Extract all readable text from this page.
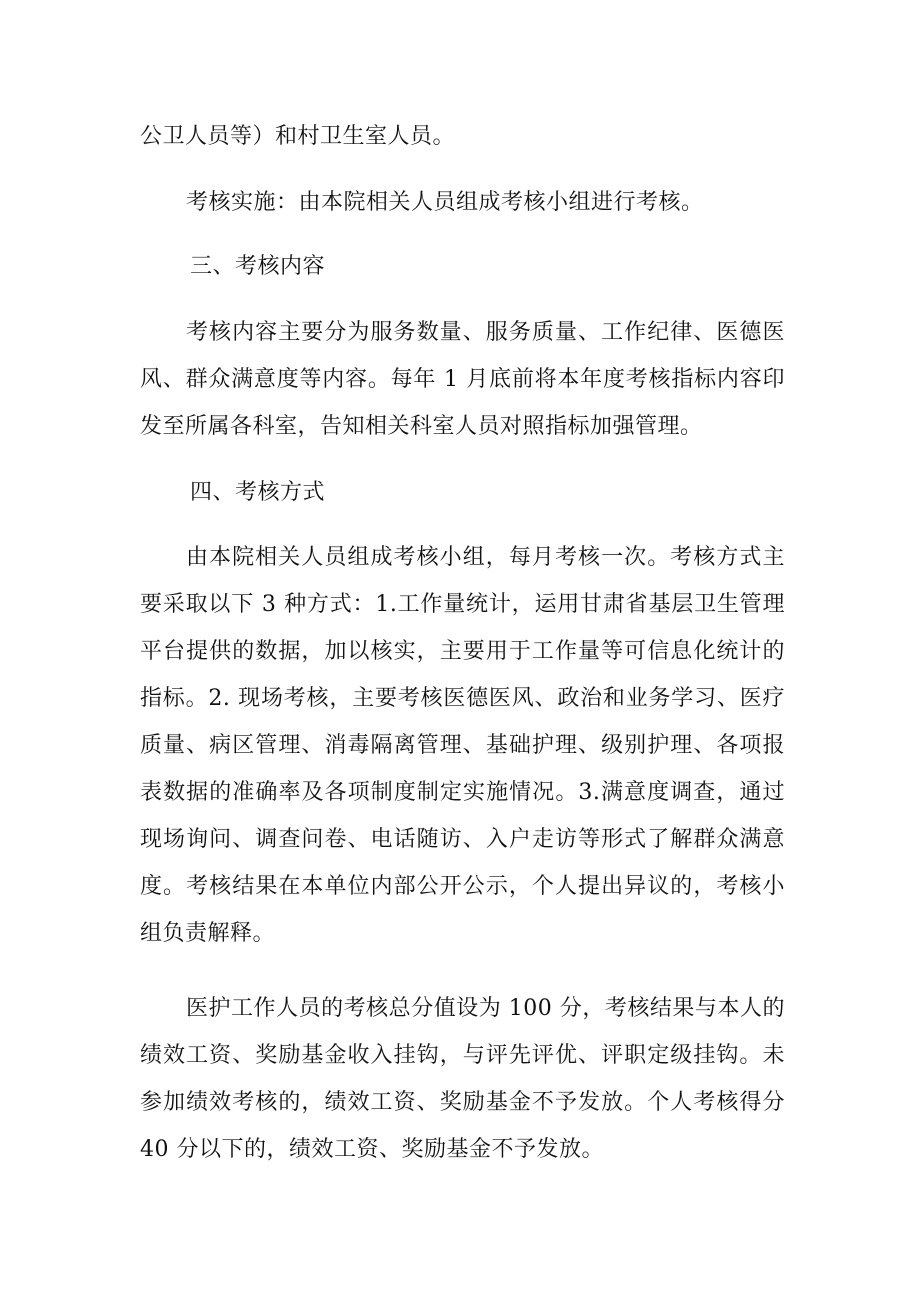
公卫人员等）和村卫生室人员。

考核实施：由本院相关人员组成考核小组进行考核。

三、考核内容

考核内容主要分为服务数量、服务质量、工作纪律、医德医风、群众满意度等内容。每年 1 月底前将本年度考核指标内容印发至所属各科室，告知相关科室人员对照指标加强管理。

四、考核方式

由本院相关人员组成考核小组，每月考核一次。考核方式主要采取以下 3 种方式：1.工作量统计，运用甘肃省基层卫生管理平台提供的数据，加以核实，主要用于工作量等可信息化统计的指标。2. 现场考核，主要考核医德医风、政治和业务学习、医疗质量、病区管理、消毒隔离管理、基础护理、级别护理、各项报表数据的准确率及各项制度制定实施情况。3.满意度调查，通过现场询问、调查问卷、电话随访、入户走访等形式了解群众满意度。考核结果在本单位内部公开公示，个人提出异议的，考核小组负责解释。

医护工作人员的考核总分值设为 100 分，考核结果与本人的绩效工资、奖励基金收入挂钩，与评先评优、评职定级挂钩。未参加绩效考核的，绩效工资、奖励基金不予发放。个人考核得分 40 分以下的，绩效工资、奖励基金不予发放。
